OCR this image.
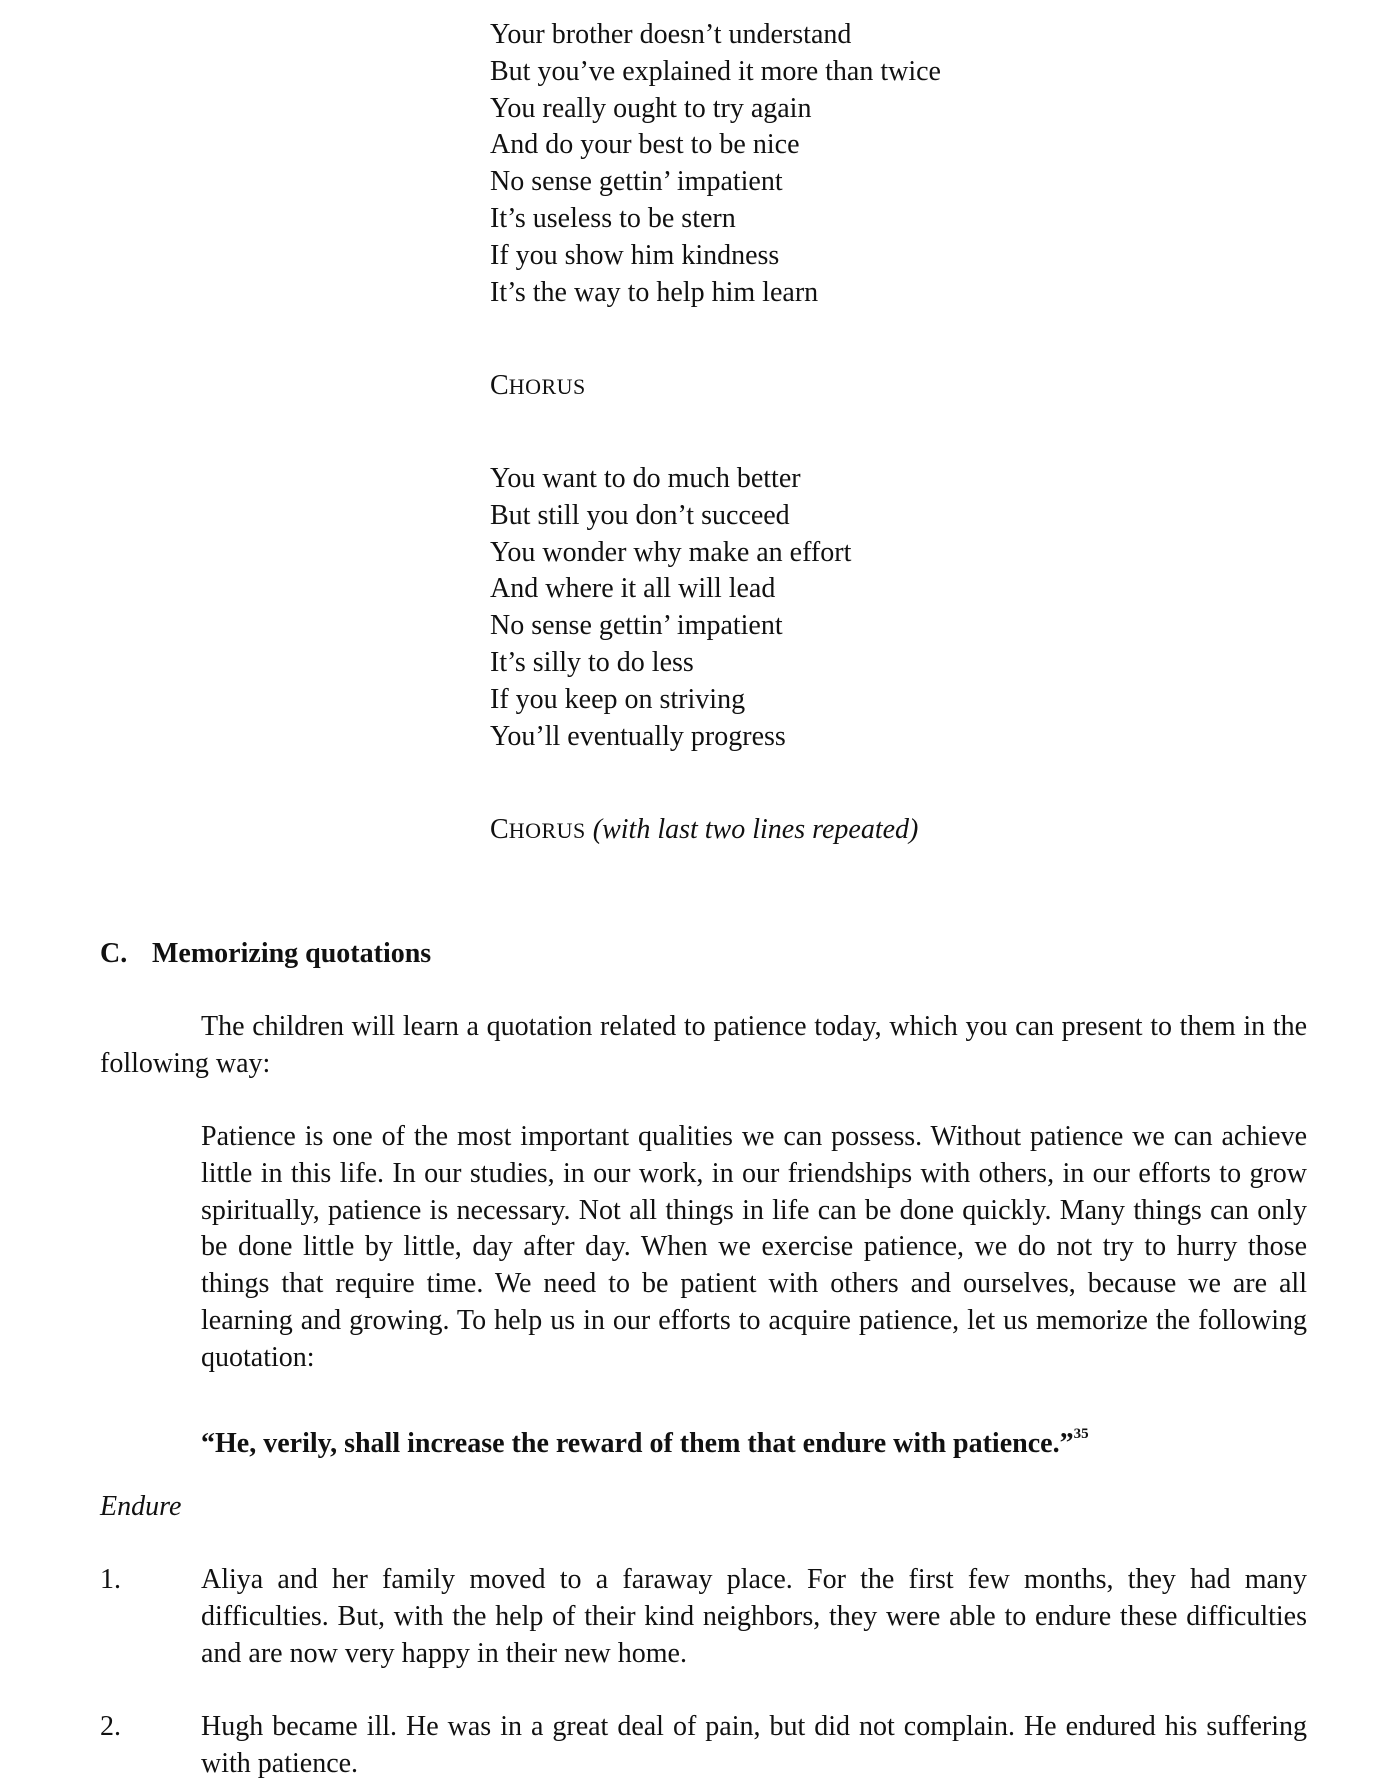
Your brother doesn’t understand
But you’ve explained it more than twice
You really ought to try again
And do your best to be nice
No sense gettin’ impatient
It’s useless to be stern
If you show him kindness
It’s the way to help him learn
CHORUS
You want to do much better
But still you don’t succeed
You wonder why make an effort
And where it all will lead
No sense gettin’ impatient
It’s silly to do less
If you keep on striving
You’ll eventually progress
CHORUS (with last two lines repeated)
C. Memorizing quotations
The children will learn a quotation related to patience today, which you can present to them in the following way:
Patience is one of the most important qualities we can possess. Without patience we can achieve little in this life. In our studies, in our work, in our friendships with others, in our efforts to grow spiritually, patience is necessary. Not all things in life can be done quickly. Many things can only be done little by little, day after day. When we exercise patience, we do not try to hurry those things that require time. We need to be patient with others and ourselves, because we are all learning and growing. To help us in our efforts to acquire patience, let us memorize the following quotation:
“He, verily, shall increase the reward of them that endure with patience.”$^{35}$
Endure
1.	Aliya and her family moved to a faraway place. For the first few months, they had many difficulties. But, with the help of their kind neighbors, they were able to endure these difficulties and are now very happy in their new home.
2.	Hugh became ill. He was in a great deal of pain, but did not complain. He endured his suffering with patience.
